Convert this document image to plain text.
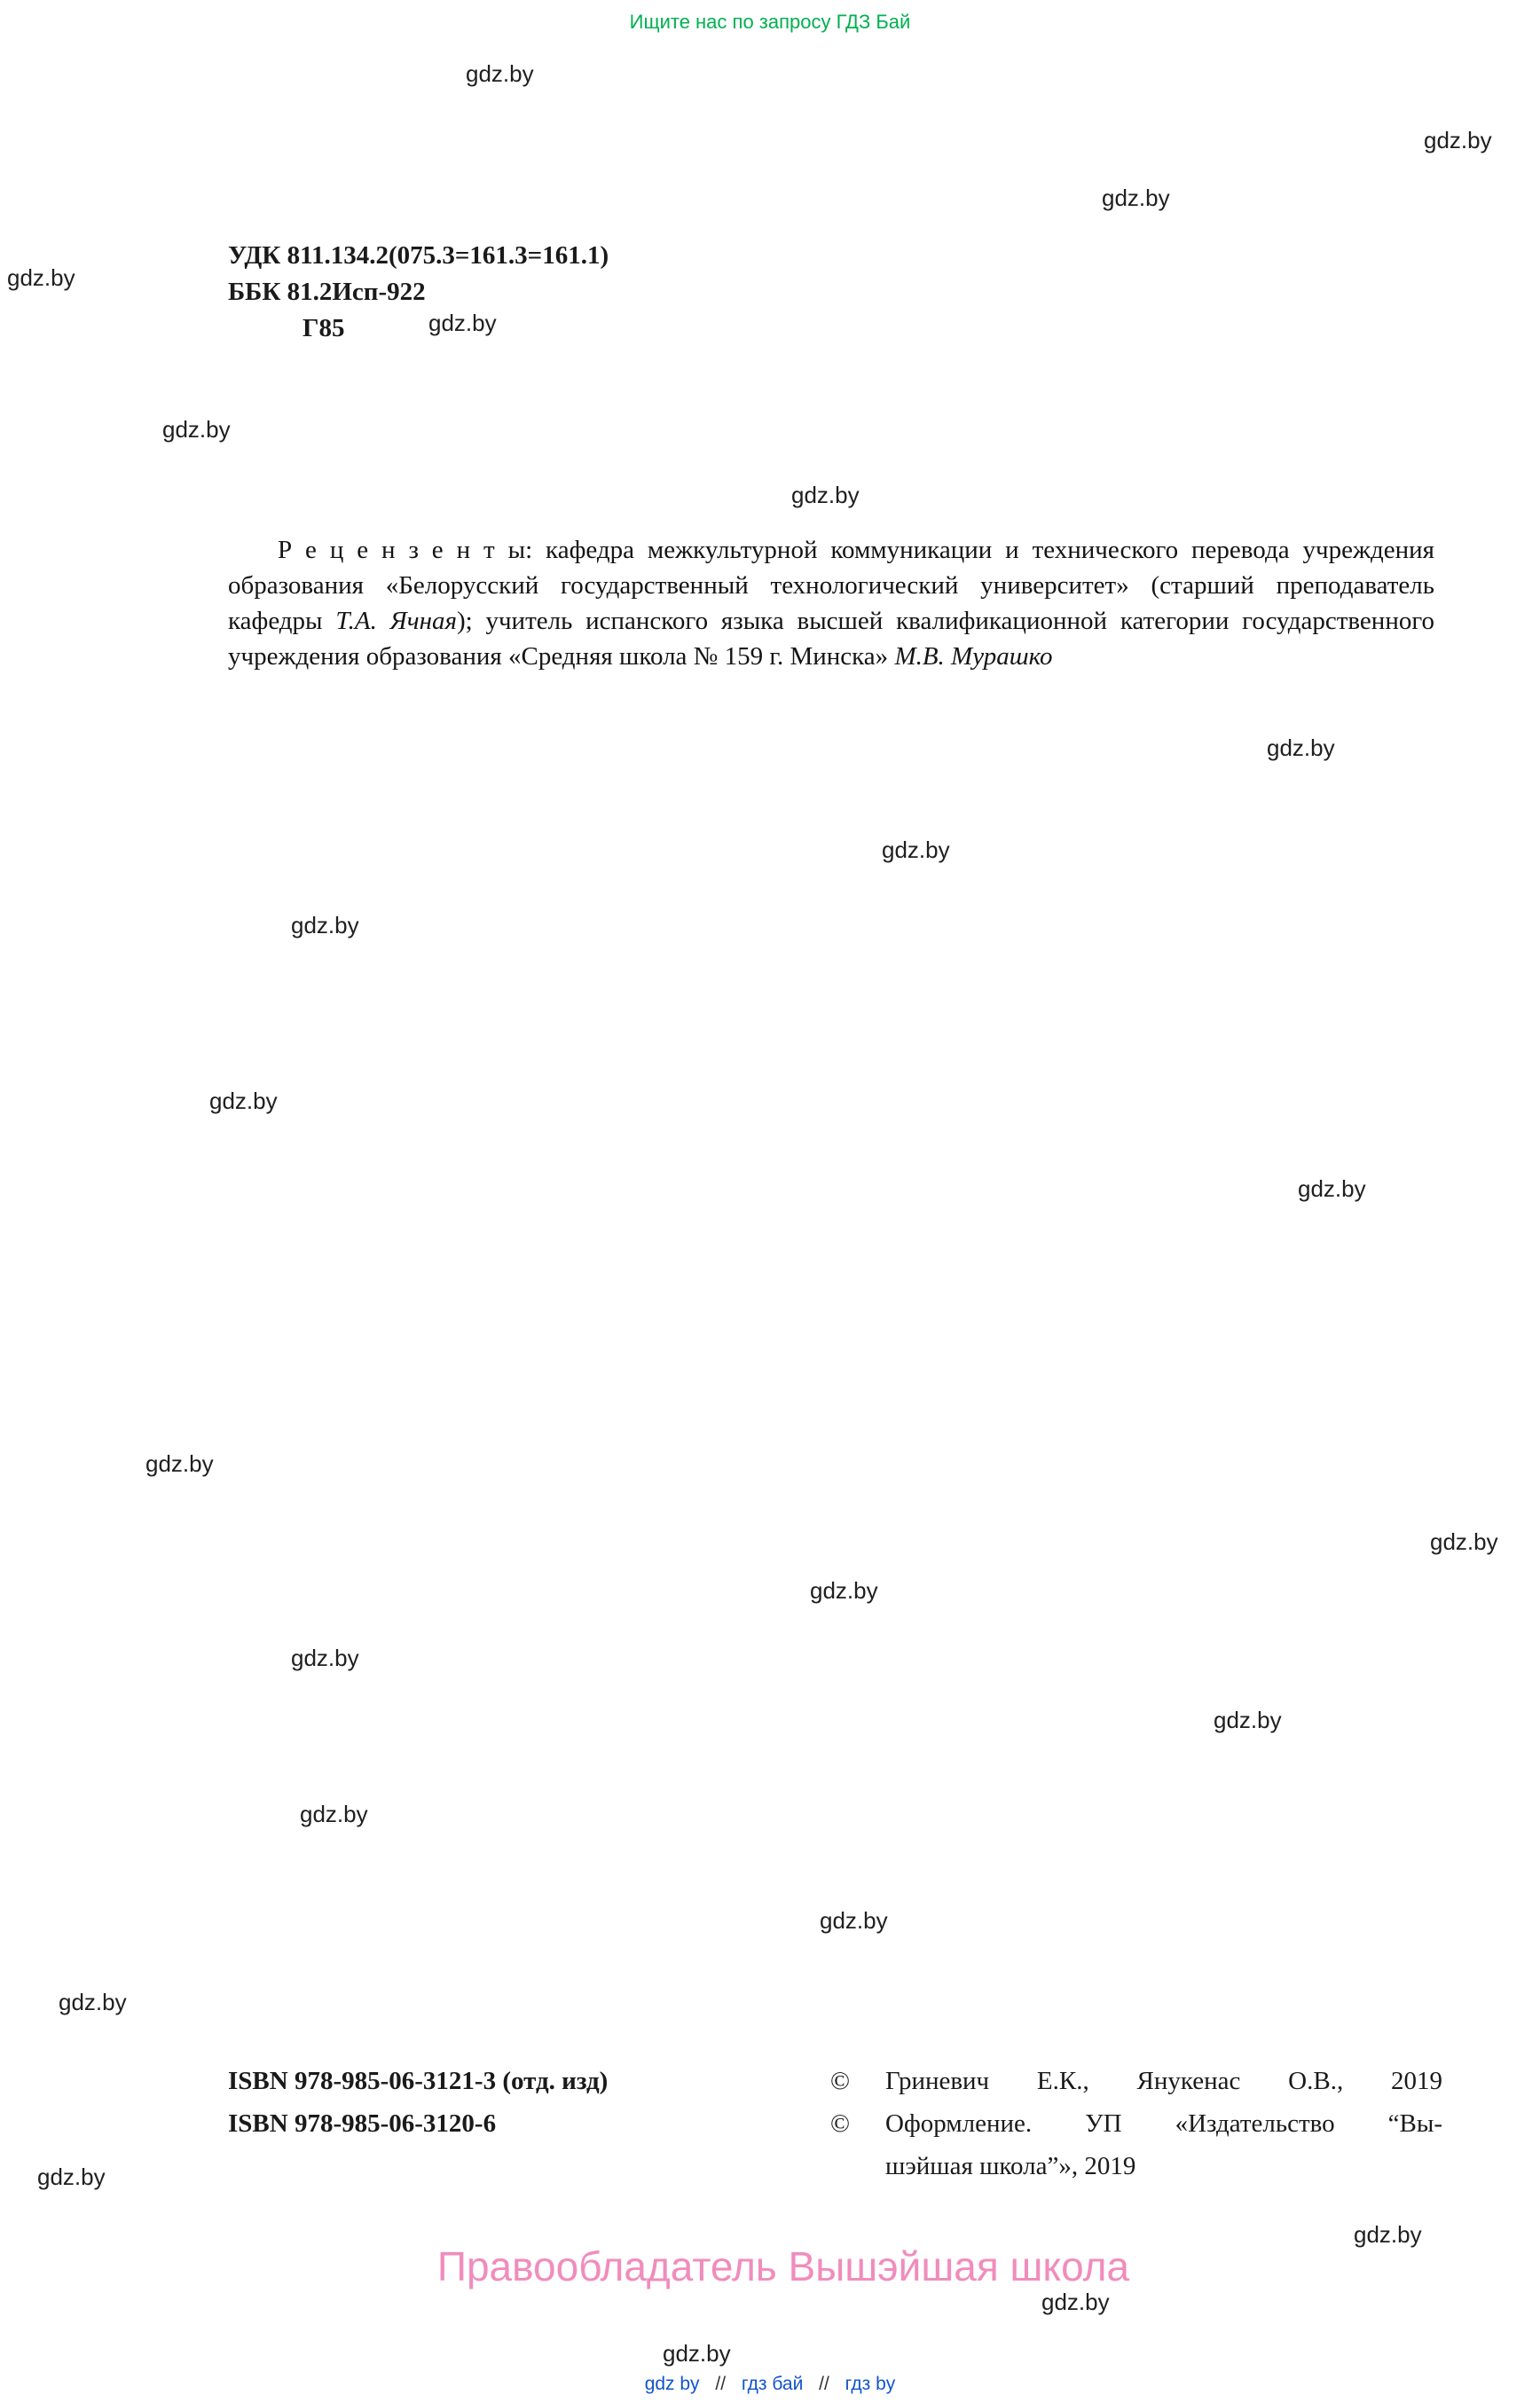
Ищите нас по запросу ГДЗ Бай
gdz.by
gdz.by
gdz.by
gdz.by
gdz.by
gdz.by
gdz.by
gdz.by
gdz.by
gdz.by
gdz.by
gdz.by
gdz.by
gdz.by
gdz.by
gdz.by
gdz.by
gdz.by
gdz.by
gdz.by
gdz.by
gdz.by
gdz.by
gdz.by
УДК 811.134.2(075.3=161.3=161.1)
ББК 81.2Исп-922
Г85

Р е ц е н з е н т ы: кафедра межкультурной коммуникации и технического перевода учреждения образования «Белорусский государственный технологический университет» (старший преподаватель кафедры Т.А. Ячная); учитель испанского языка высшей квалификационной категории государственного учреждения образования «Средняя школа № 159 г. Минска» М.В. Мурашко

ISBN 978-985-06-3121-3 (отд. изд)
ISBN 978-985-06-3120-6
©	Гриневич Е.К., Янукенас О.В., 2019
©	Оформление. УП «Издательство “Вы-
шэйшая школа”», 2019
Правообладатель Вышэйшая школа
gdz by // гдз бай // гдз by
